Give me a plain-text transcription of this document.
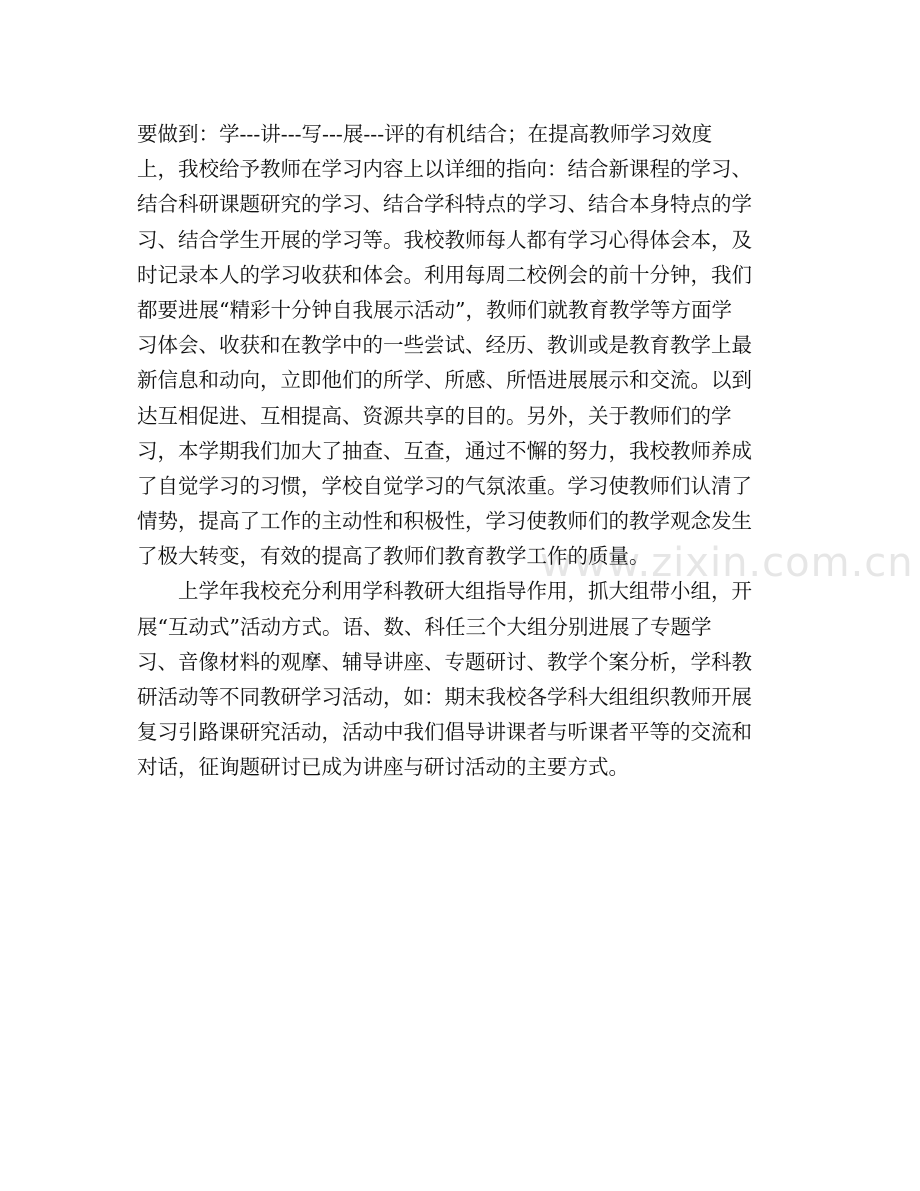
www.zixin.com.cn
要做到：学---讲---写---展---评的有机结合；在提高教师学习效度
上，我校给予教师在学习内容上以详细的指向：结合新课程的学习、
结合科研课题研究的学习、结合学科特点的学习、结合本身特点的学
习、结合学生开展的学习等。我校教师每人都有学习心得体会本，及
时记录本人的学习收获和体会。利用每周二校例会的前十分钟，我们
都要进展“精彩十分钟自我展示活动”，教师们就教育教学等方面学
习体会、收获和在教学中的一些尝试、经历、教训或是教育教学上最
新信息和动向，立即他们的所学、所感、所悟进展展示和交流。以到
达互相促进、互相提高、资源共享的目的。另外，关于教师们的学
习，本学期我们加大了抽查、互查，通过不懈的努力，我校教师养成
了自觉学习的习惯，学校自觉学习的气氛浓重。学习使教师们认清了
情势，提高了工作的主动性和积极性，学习使教师们的教学观念发生
了极大转变，有效的提高了教师们教育教学工作的质量。
上学年我校充分利用学科教研大组指导作用，抓大组带小组，开
展“互动式”活动方式。语、数、科任三个大组分别进展了专题学
习、音像材料的观摩、辅导讲座、专题研讨、教学个案分析，学科教
研活动等不同教研学习活动，如：期末我校各学科大组组织教师开展
复习引路课研究活动，活动中我们倡导讲课者与听课者平等的交流和
对话，征询题研讨已成为讲座与研讨活动的主要方式。
